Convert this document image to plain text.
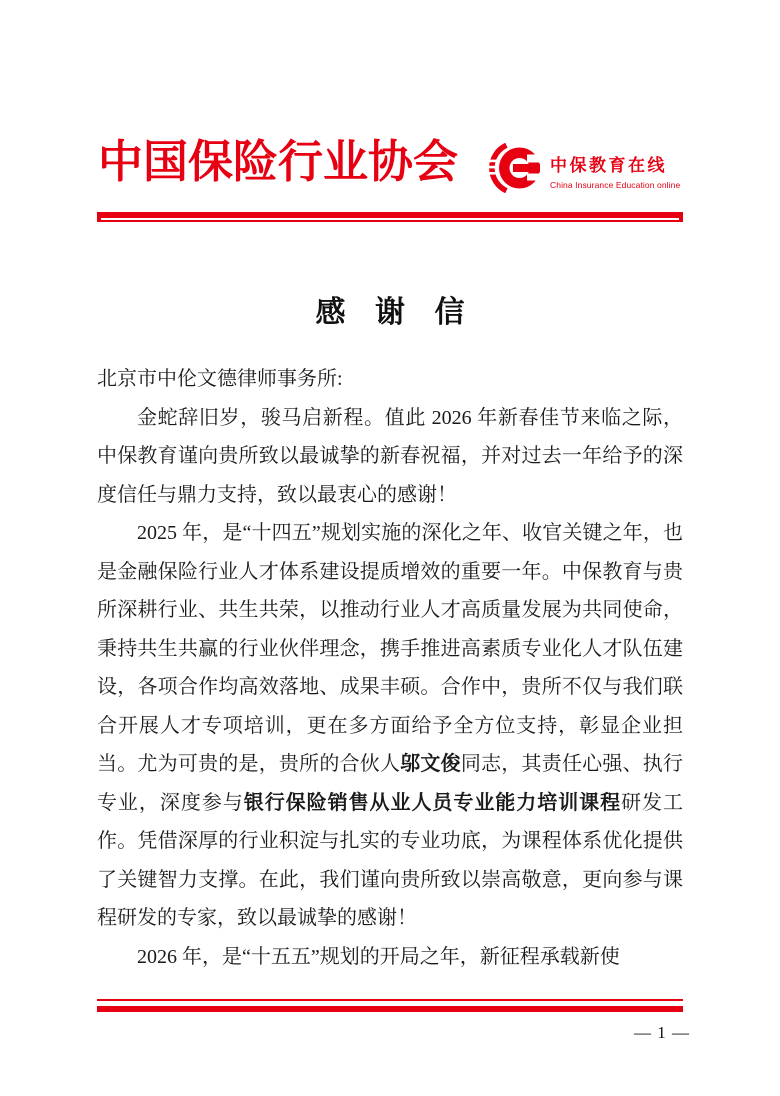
中国保险行业协会	中保教育在线
China Insurance Education online
感 谢 信

北京市中伦文德律师事务所:

金蛇辞旧岁，骏马启新程。值此 2026 年新春佳节来临之际，中保教育谨向贵所致以最诚挚的新春祝福，并对过去一年给予的深度信任与鼎力支持，致以最衷心的感谢！

2025 年，是“十四五”规划实施的深化之年、收官关键之年，也是金融保险行业人才体系建设提质增效的重要一年。中保教育与贵所深耕行业、共生共荣，以推动行业人才高质量发展为共同使命，秉持共生共赢的行业伙伴理念，携手推进高素质专业化人才队伍建设，各项合作均高效落地、成果丰硕。合作中，贵所不仅与我们联合开展人才专项培训，更在多方面给予全方位支持，彰显企业担当。尤为可贵的是，贵所的合伙人邬文俊同志，其责任心强、执行专业，深度参与银行保险销售从业人员专业能力培训课程研发工作。凭借深厚的行业积淀与扎实的专业功底，为课程体系优化提供了关键智力支撑。在此，我们谨向贵所致以崇高敬意，更向参与课程研发的专家，致以最诚挚的感谢！

2026 年，是“十五五”规划的开局之年，新征程承载新使

— 1 —
